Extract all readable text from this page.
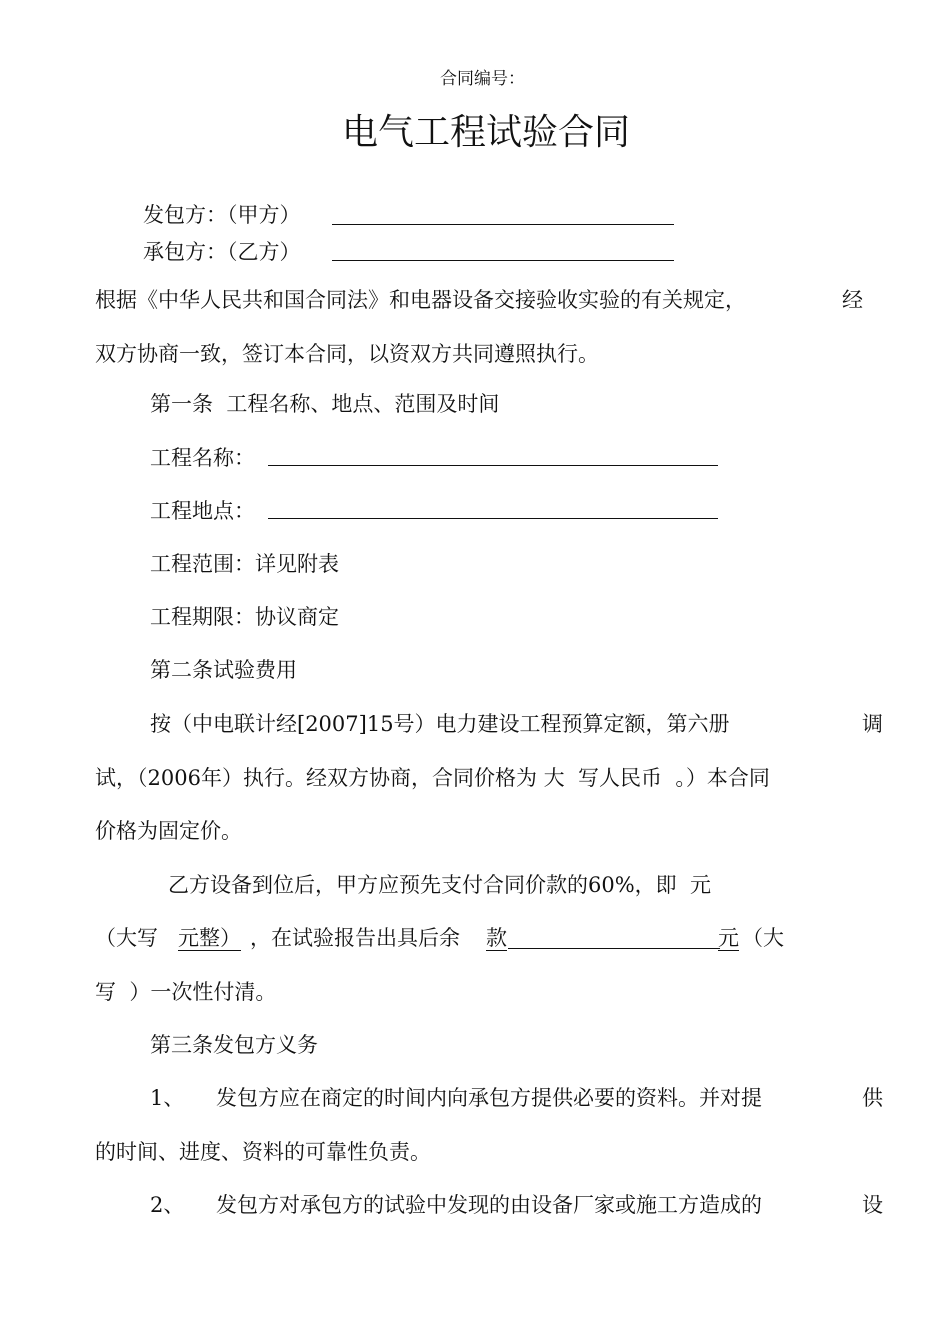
合同编号：
电气工程试验合同
发包方：（甲方）
承包方：（乙方）
根据《中华人民共和国合同法》和电器设备交接验收实验的有关规定，	经
双方协商一致，签订本合同，以资双方共同遵照执行。
第一条  工程名称、地点、范围及时间
工程名称：
工程地点：
工程范围：详见附表
工程期限：协议商定
第二条试验费用
按（中电联计经[2007]15号）电力建设工程预算定额，第六册	调
试，（2006年）执行。经双方协商，合同价格为 大  写人民币  。）本合同
价格为固定价。
乙方设备到位后，甲方应预先支付合同价款的60%，即  元
（大写 元整） ，在试验报告出具后余 款	元 （大
写  ）一次性付清。
第三条发包方义务
1、 发包方应在商定的时间内向承包方提供必要的资料。并对提	供
的时间、进度、资料的可靠性负责。
2、 发包方对承包方的试验中发现的由设备厂家或施工方造成的	设
